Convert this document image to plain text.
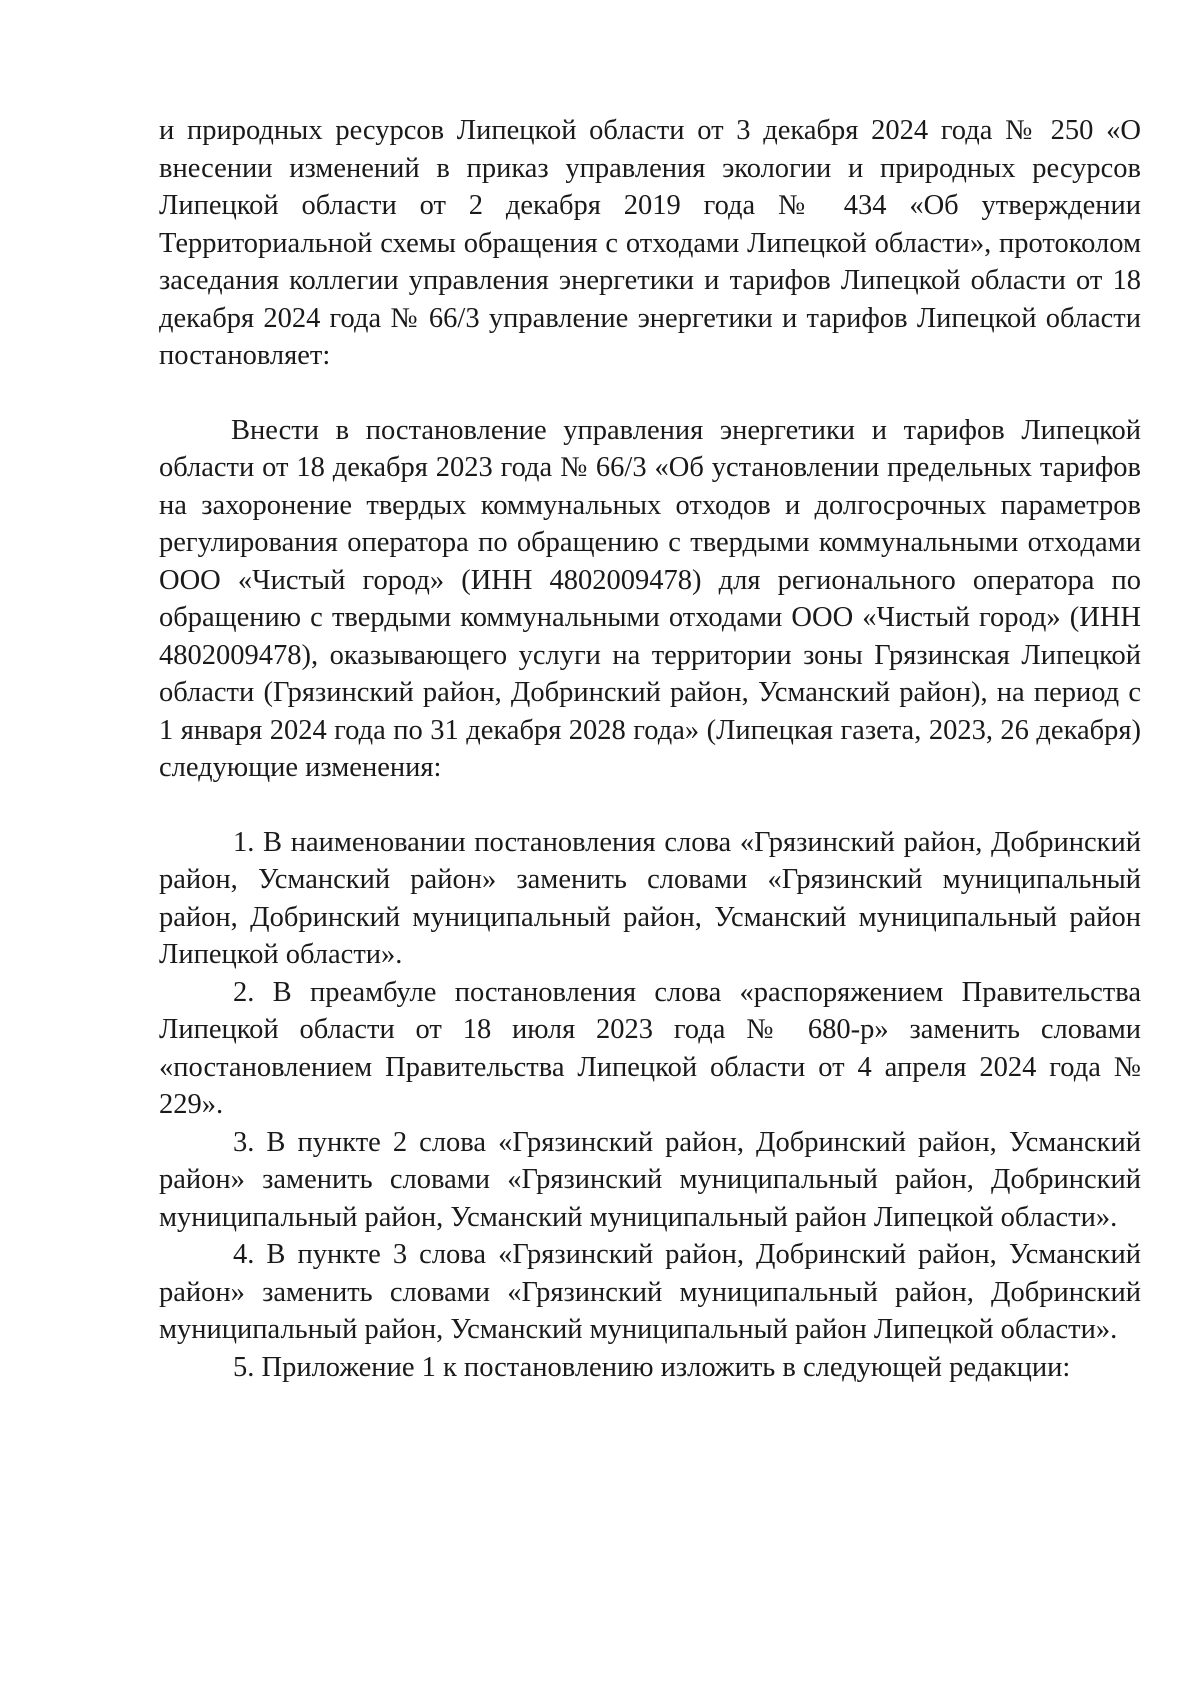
и природных ресурсов Липецкой области от 3 декабря 2024 года № 250 «О внесении изменений в приказ управления экологии и природных ресурсов Липецкой области от 2 декабря 2019 года № 434 «Об утверждении Территориальной схемы обращения с отходами Липецкой области», протоколом заседания коллегии управления энергетики и тарифов Липецкой области от 18 декабря 2024 года № 66/3 управление энергетики и тарифов Липецкой области постановляет:

Внести в постановление управления энергетики и тарифов Липецкой области от 18 декабря 2023 года № 66/3 «Об установлении предельных тарифов на захоронение твердых коммунальных отходов и долгосрочных параметров регулирования оператора по обращению с твердыми коммунальными отходами ООО «Чистый город» (ИНН 4802009478) для регионального оператора по обращению с твердыми коммунальными отходами ООО «Чистый город» (ИНН 4802009478), оказывающего услуги на территории зоны Грязинская Липецкой области (Грязинский район, Добринский район, Усманский район), на период с 1 января 2024 года по 31 декабря 2028 года» (Липецкая газета, 2023, 26 декабря) следующие изменения:

1. В наименовании постановления слова «Грязинский район, Добринский район, Усманский район» заменить словами «Грязинский муниципальный район, Добринский муниципальный район, Усманский муниципальный район Липецкой области».

2. В преамбуле постановления слова «распоряжением Правительства Липецкой области от 18 июля 2023 года № 680-р» заменить словами «постановлением Правительства Липецкой области от 4 апреля 2024 года № 229».

3. В пункте 2 слова «Грязинский район, Добринский район, Усманский район» заменить словами «Грязинский муниципальный район, Добринский муниципальный район, Усманский муниципальный район Липецкой области».

4. В пункте 3 слова «Грязинский район, Добринский район, Усманский район» заменить словами «Грязинский муниципальный район, Добринский муниципальный район, Усманский муниципальный район Липецкой области».

5. Приложение 1 к постановлению изложить в следующей редакции:
